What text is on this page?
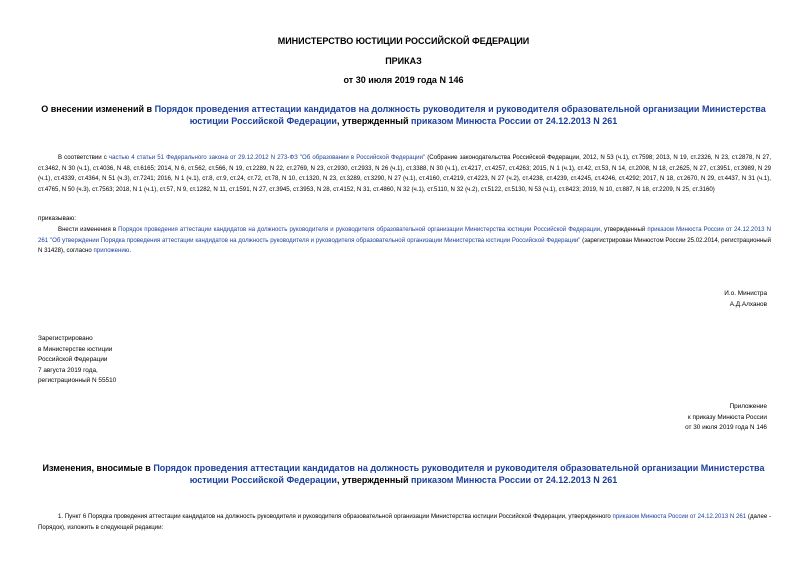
МИНИСТЕРСТВО ЮСТИЦИИ РОССИЙСКОЙ ФЕДЕРАЦИИ
ПРИКАЗ
от 30 июля 2019 года N 146
О внесении изменений в Порядок проведения аттестации кандидатов на должность руководителя и руководителя образовательной организации Министерства юстиции Российской Федерации, утвержденный приказом Минюста России от 24.12.2013 N 261
В соответствии с частью 4 статьи 51 Федерального закона от 29.12.2012 N 273-ФЗ "Об образовании в Российской Федерации" (Собрание законодательства Российской Федерации, 2012, N 53 (ч.1), ст.7598; 2013, N 19, ст.2326, N 23, ст.2878, N 27, ст.3462, N 30 (ч.1), ст.4036, N 48, ст.6165; 2014, N 6, ст.562, ст.566, N 19, ст.2289, N 22, ст.2769, N 23, ст.2930, ст.2933, N 26 (ч.1), ст.3388, N 30 (ч.1), ст.4217, ст.4257, ст.4263; 2015, N 1 (ч.1), ст.42, ст.53, N 14, ст.2008, N 18, ст.2625, N 27, ст.3951, ст.3989, N 29 (ч.1), ст.4339, ст.4364, N 51 (ч.3), ст.7241; 2016, N 1 (ч.1), ст.8, ст.9, ст.24, ст.72, ст.78, N 10, ст.1320, N 23, ст.3289, ст.3290, N 27 (ч.1), ст.4160, ст.4219, ст.4223, N 27 (ч.2), ст.4238, ст.4239, ст.4245, ст.4246, ст.4292; 2017, N 18, ст.2670, N 29, ст.4437, N 31 (ч.1), ст.4765, N 50 (ч.3), ст.7563; 2018, N 1 (ч.1), ст.57, N 9, ст.1282, N 11, ст.1591, N 27, ст.3945, ст.3953, N 28, ст.4152, N 31, ст.4860, N 32 (ч.1), ст.5110, N 32 (ч.2), ст.5122, ст.5130, N 53 (ч.1), ст.8423; 2019, N 10, ст.887, N 18, ст.2209, N 25, ст.3160)
приказываю:
Внести изменения в Порядок проведения аттестации кандидатов на должность руководителя и руководителя образовательной организации Министерства юстиции Российской Федерации, утвержденный приказом Минюста России от 24.12.2013 N 261 "Об утверждении Порядка проведения аттестации кандидатов на должность руководителя и руководителя образовательной организации Министерства юстиции Российской Федерации" (зарегистрирован Минюстом России 25.02.2014, регистрационный N 31428), согласно приложению.
И.о. Министра
А.Д.Алханов
Зарегистрировано
в Министерстве юстиции
Российской Федерации
7 августа 2019 года,
регистрационный N 55510
Приложение
к приказу Минюста России
от 30 июля 2019 года N 146
Изменения, вносимые в Порядок проведения аттестации кандидатов на должность руководителя и руководителя образовательной организации Министерства юстиции Российской Федерации, утвержденный приказом Минюста России от 24.12.2013 N 261
1. Пункт 6 Порядка проведения аттестации кандидатов на должность руководителя и руководителя образовательной организации Министерства юстиции Российской Федерации, утвержденного приказом Минюста России от 24.12.2013 N 261 (далее - Порядок), изложить в следующей редакции:
